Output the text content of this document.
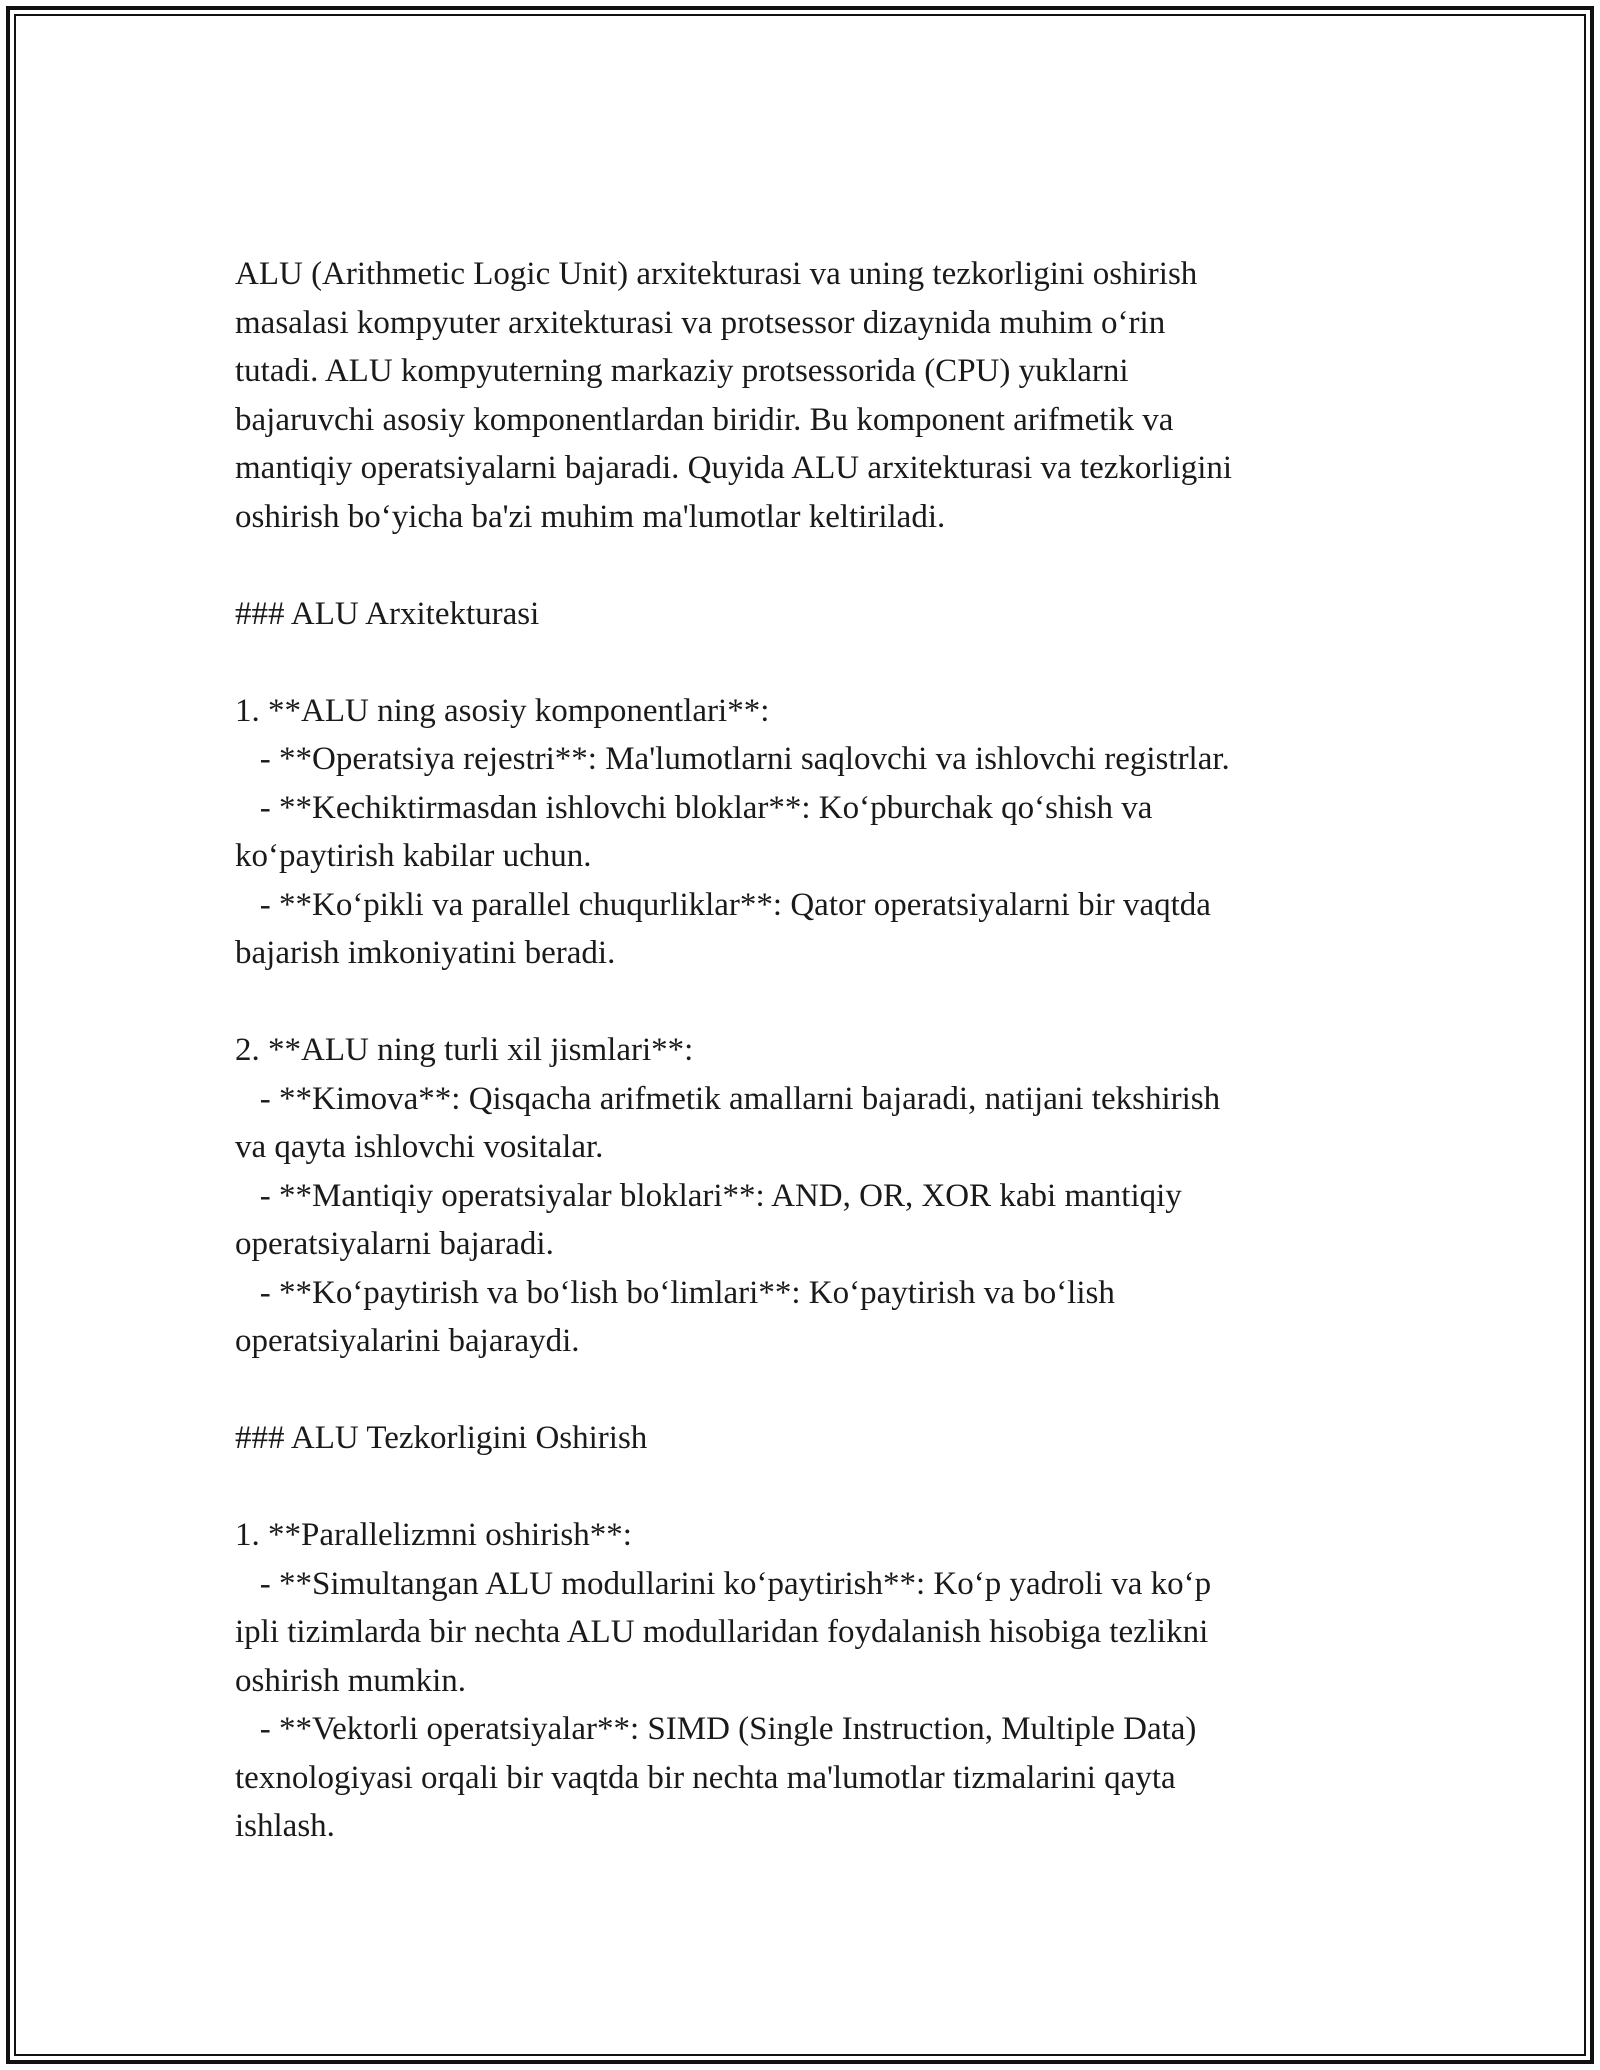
ALU (Arithmetic Logic Unit) arxitekturasi va uning tezkorligini oshirish
masalasi kompyuter arxitekturasi va protsessor dizaynida muhim o‘rin
tutadi. ALU kompyuterning markaziy protsessorida (CPU) yuklarni
bajaruvchi asosiy komponentlardan biridir. Bu komponent arifmetik va
mantiqiy operatsiyalarni bajaradi. Quyida ALU arxitekturasi va tezkorligini
oshirish bo‘yicha ba'zi muhim ma'lumotlar keltiriladi.
### ALU Arxitekturasi
1. **ALU ning asosiy komponentlari**:
- **Operatsiya rejestri**: Ma'lumotlarni saqlovchi va ishlovchi registrlar.
- **Kechiktirmasdan ishlovchi bloklar**: Ko‘pburchak qo‘shish va
ko‘paytirish kabilar uchun.
- **Ko‘pikli va parallel chuqurliklar**: Qator operatsiyalarni bir vaqtda
bajarish imkoniyatini beradi.
2. **ALU ning turli xil jismlari**:
- **Kimova**: Qisqacha arifmetik amallarni bajaradi, natijani tekshirish
va qayta ishlovchi vositalar.
- **Mantiqiy operatsiyalar bloklari**: AND, OR, XOR kabi mantiqiy
operatsiyalarni bajaradi.
- **Ko‘paytirish va bo‘lish bo‘limlari**: Ko‘paytirish va bo‘lish
operatsiyalarini bajaraydi.
### ALU Tezkorligini Oshirish
1. **Parallelizmni oshirish**:
- **Simultangan ALU modullarini ko‘paytirish**: Ko‘p yadroli va ko‘p
ipli tizimlarda bir nechta ALU modullaridan foydalanish hisobiga tezlikni
oshirish mumkin.
- **Vektorli operatsiyalar**: SIMD (Single Instruction, Multiple Data)
texnologiyasi orqali bir vaqtda bir nechta ma'lumotlar tizmalarini qayta
ishlash.
